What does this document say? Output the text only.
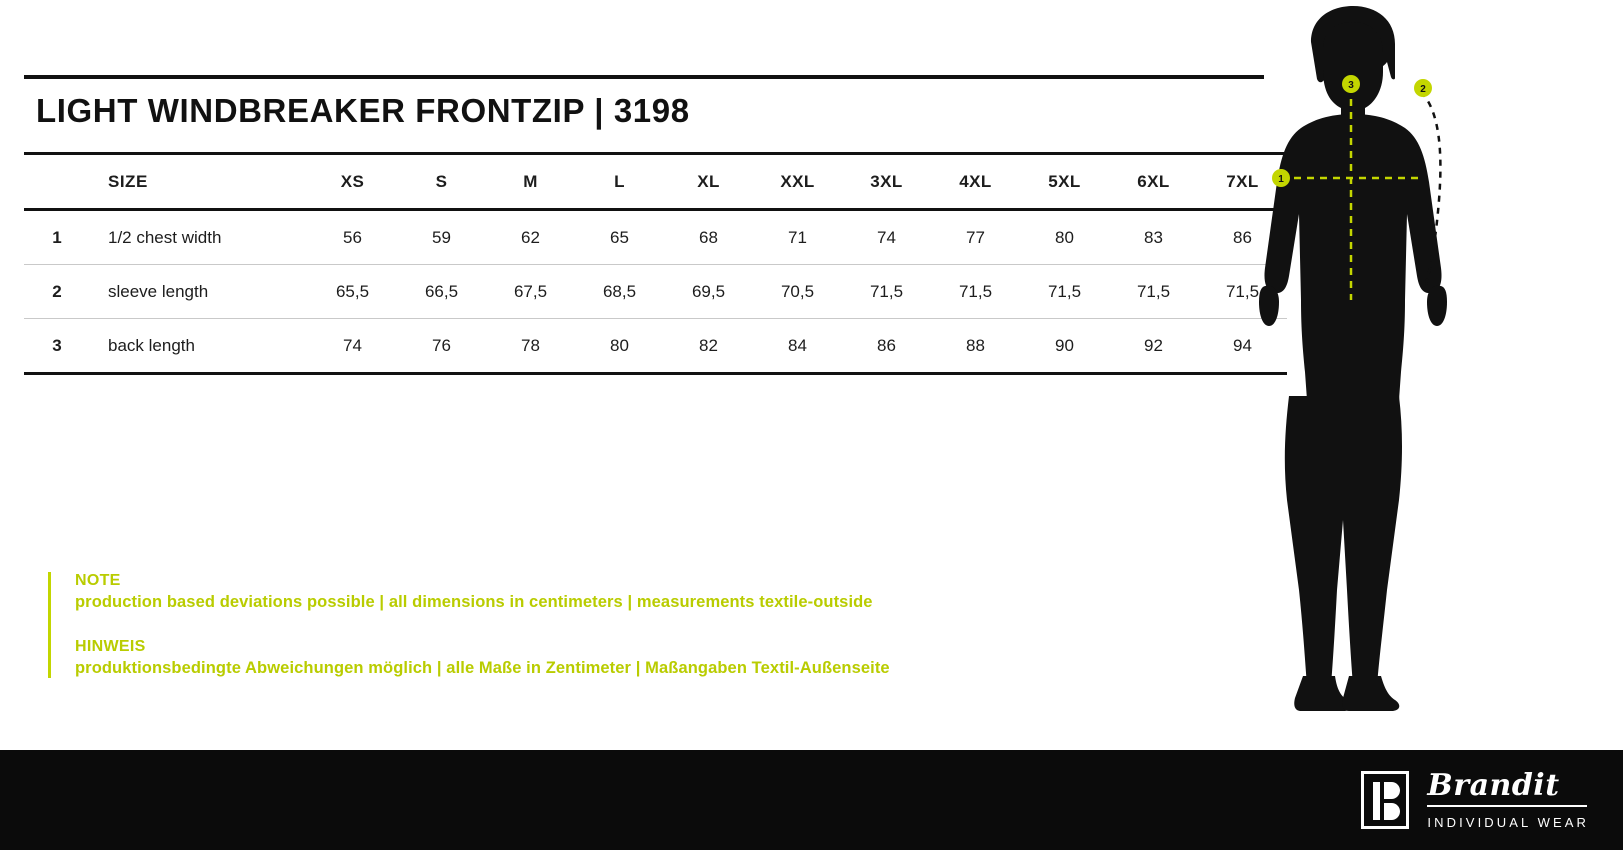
LIGHT WINDBREAKER FRONTZIP | 3198
	SIZE	XS	S	M	L	XL	XXL	3XL	4XL	5XL	6XL	7XL
1	1/2 chest width	56	59	62	65	68	71	74	77	80	83	86
2	sleeve length	65,5	66,5	67,5	68,5	69,5	70,5	71,5	71,5	71,5	71,5	71,5
3	back length	74	76	78	80	82	84	86	88	90	92	94
NOTE
production based deviations possible | all dimensions in centimeters | measurements textile-outside
HINWEIS
produktionsbedingte Abweichungen möglich | alle Maße in Zentimeter | Maßangaben Textil-Außenseite
1
2
3
Brandit
INDIVIDUAL WEAR
